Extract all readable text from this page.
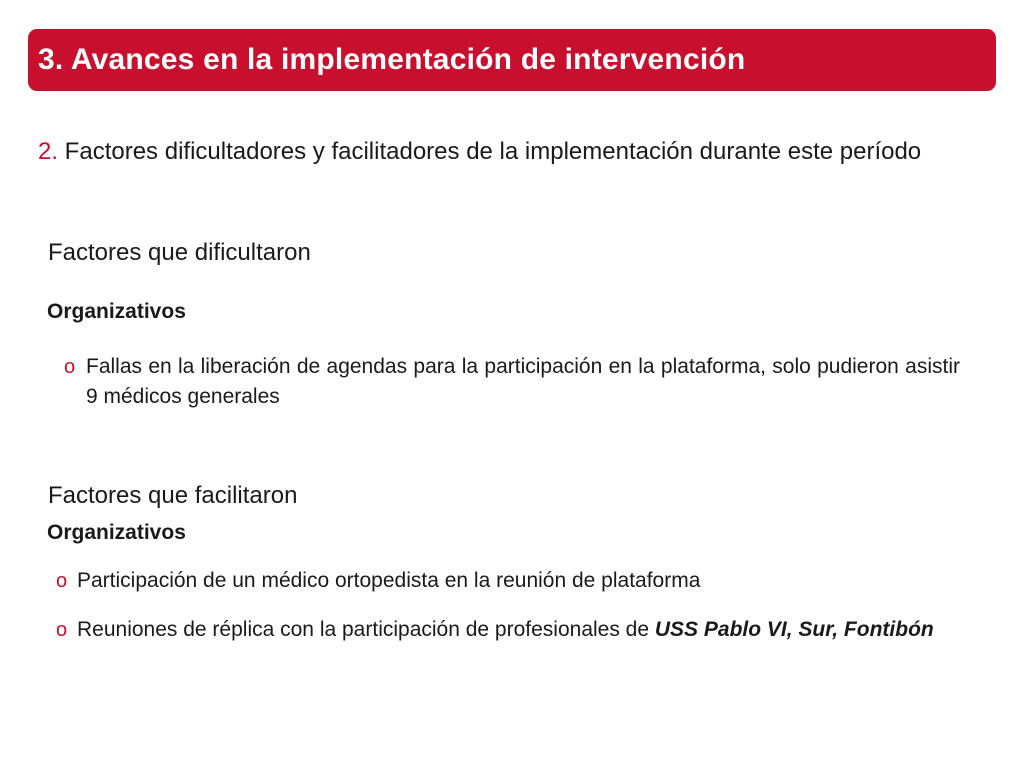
3. Avances en la implementación de intervención
2. Factores dificultadores y facilitadores de la implementación durante este período
Factores que dificultaron
Organizativos
o Fallas en la liberación de agendas para la participación en la plataforma, solo pudieron asistir 9 médicos generales
Factores que facilitaron
Organizativos
o Participación de un médico ortopedista en la reunión de plataforma
o Reuniones de réplica con la participación de profesionales de USS Pablo VI, Sur, Fontibón
